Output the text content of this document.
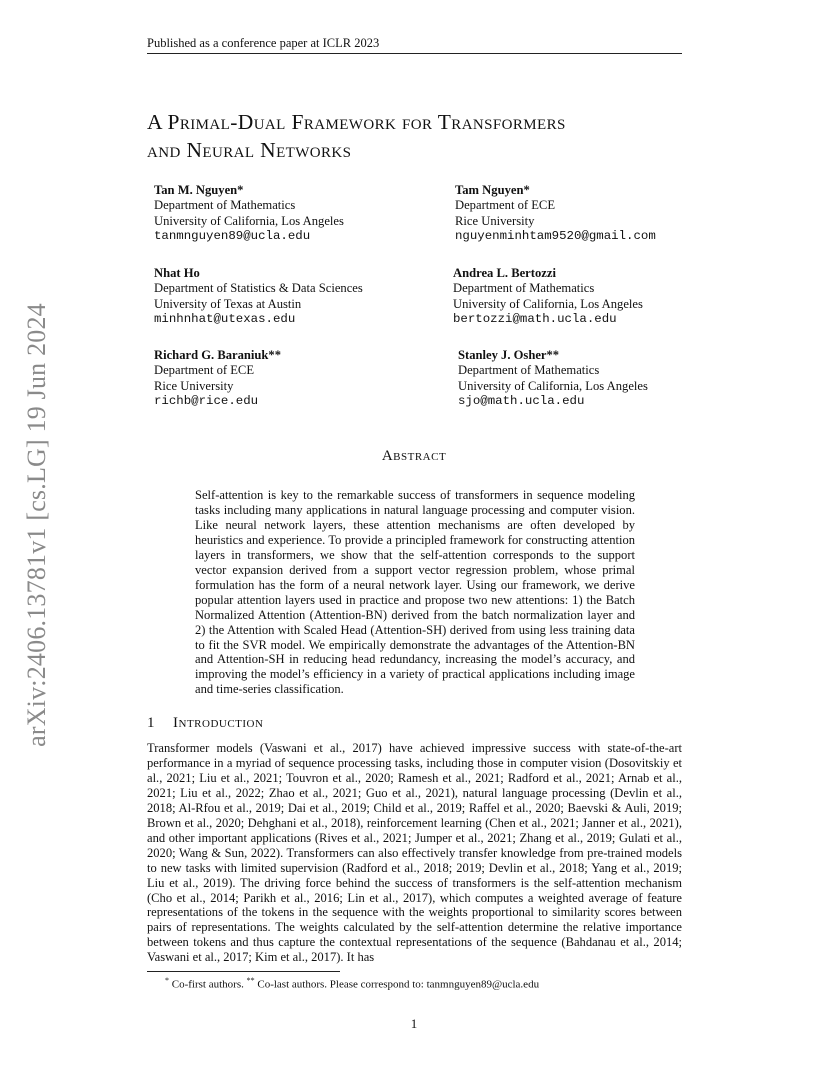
Published as a conference paper at ICLR 2023
arXiv:2406.13781v1 [cs.LG] 19 Jun 2024
A Primal-Dual Framework for Transformers
and Neural Networks
Tan M. Nguyen*
Department of Mathematics
University of California, Los Angeles
tanmnguyen89@ucla.edu
Tam Nguyen*
Department of ECE
Rice University
nguyenminhtam9520@gmail.com
Nhat Ho
Department of Statistics & Data Sciences
University of Texas at Austin
minhnhat@utexas.edu
Andrea L. Bertozzi
Department of Mathematics
University of California, Los Angeles
bertozzi@math.ucla.edu
Richard G. Baraniuk**
Department of ECE
Rice University
richb@rice.edu
Stanley J. Osher**
Department of Mathematics
University of California, Los Angeles
sjo@math.ucla.edu
Abstract
Self-attention is key to the remarkable success of transformers in sequence modeling tasks including many applications in natural language processing and computer vision. Like neural network layers, these attention mechanisms are often developed by heuristics and experience. To provide a principled framework for constructing attention layers in transformers, we show that the self-attention corresponds to the support vector expansion derived from a support vector regression problem, whose primal formulation has the form of a neural network layer. Using our framework, we derive popular attention layers used in practice and propose two new attentions: 1) the Batch Normalized Attention (Attention-BN) derived from the batch normalization layer and 2) the Attention with Scaled Head (Attention-SH) derived from using less training data to fit the SVR model. We empirically demonstrate the advantages of the Attention-BN and Attention-SH in reducing head redundancy, increasing the model’s accuracy, and improving the model’s efficiency in a variety of practical applications including image and time-series classification.
1 Introduction
Transformer models (Vaswani et al., 2017) have achieved impressive success with state-of-the-art performance in a myriad of sequence processing tasks, including those in computer vision (Dosovitskiy et al., 2021; Liu et al., 2021; Touvron et al., 2020; Ramesh et al., 2021; Radford et al., 2021; Arnab et al., 2021; Liu et al., 2022; Zhao et al., 2021; Guo et al., 2021), natural language processing (Devlin et al., 2018; Al-Rfou et al., 2019; Dai et al., 2019; Child et al., 2019; Raffel et al., 2020; Baevski & Auli, 2019; Brown et al., 2020; Dehghani et al., 2018), reinforcement learning (Chen et al., 2021; Janner et al., 2021), and other important applications (Rives et al., 2021; Jumper et al., 2021; Zhang et al., 2019; Gulati et al., 2020; Wang & Sun, 2022). Transformers can also effectively transfer knowledge from pre-trained models to new tasks with limited supervision (Radford et al., 2018; 2019; Devlin et al., 2018; Yang et al., 2019; Liu et al., 2019). The driving force behind the success of transformers is the self-attention mechanism (Cho et al., 2014; Parikh et al., 2016; Lin et al., 2017), which computes a weighted average of feature representations of the tokens in the sequence with the weights proportional to similarity scores between pairs of representations. The weights calculated by the self-attention determine the relative importance between tokens and thus capture the contextual representations of the sequence (Bahdanau et al., 2014; Vaswani et al., 2017; Kim et al., 2017). It has
* Co-first authors. ** Co-last authors. Please correspond to: tanmnguyen89@ucla.edu
1
